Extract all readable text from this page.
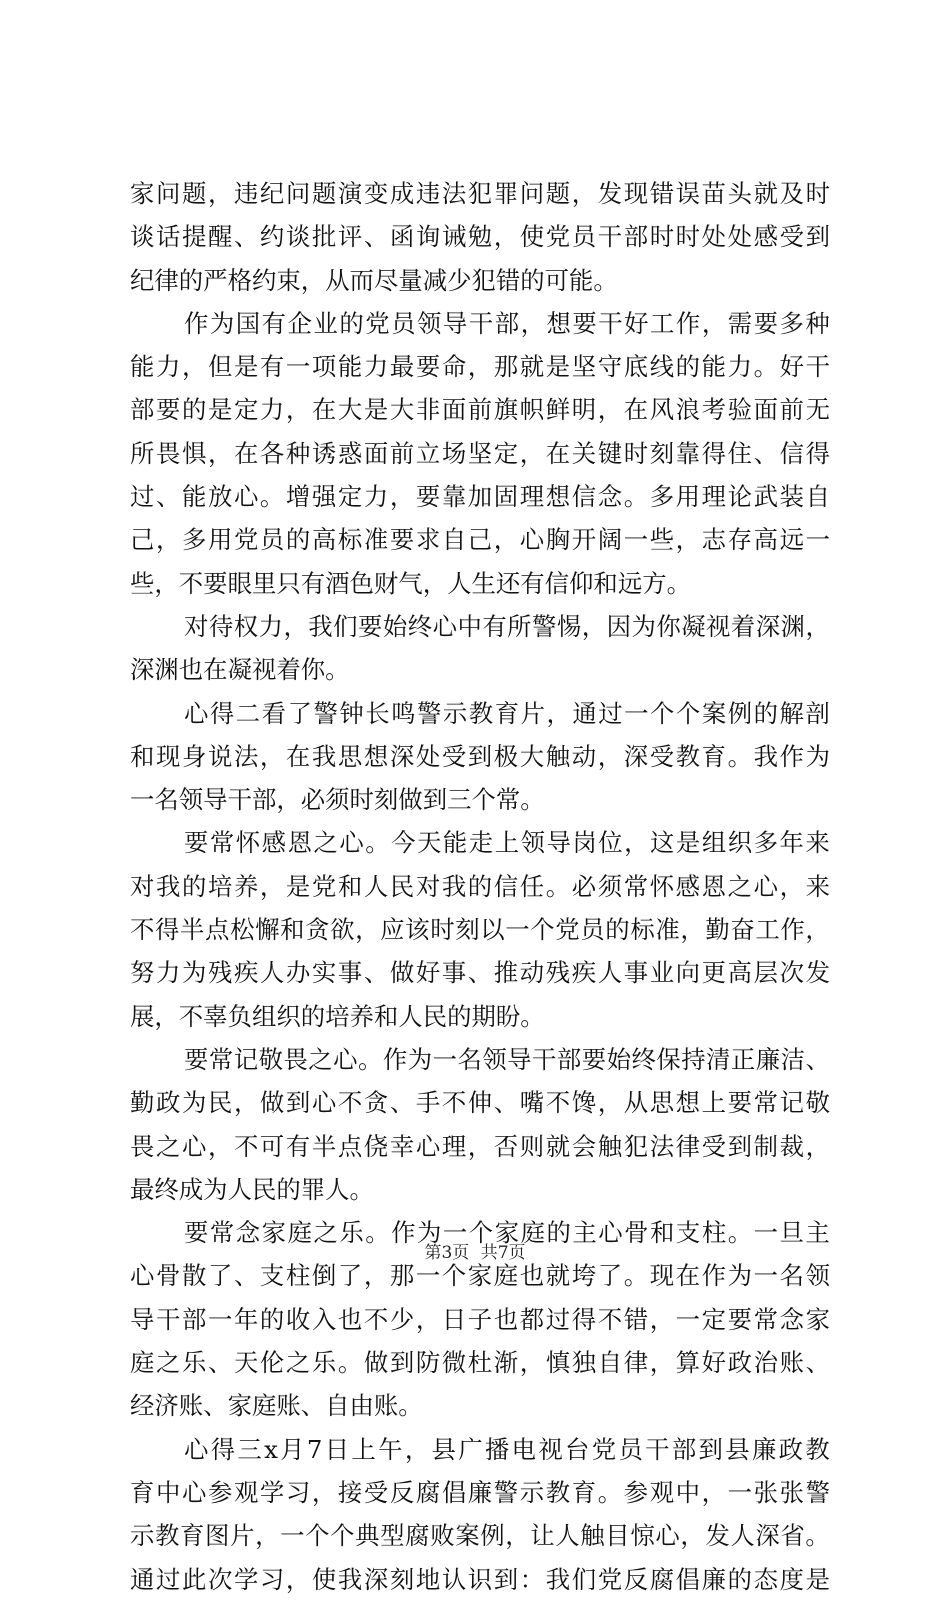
家 问 题 ， 违 纪 问 题 演 变 成 违 法 犯 罪 问 题 ， 发 现 错 误 苗 头 就 及 时
谈 话 提 醒 、 约 谈 批 评 、 函 询 诫 勉 ， 使 党 员 干 部 时 时 处 处 感 受 到
纪律的严格约束，从而尽量减少犯错的可能。
作 为 国 有 企 业 的 党 员 领 导 干 部 ， 想 要 干 好 工 作 ， 需 要 多 种
能 力 ， 但 是 有 一 项 能 力 最 要 命 ， 那 就 是 坚 守 底 线 的 能 力 。 好 干
部 要 的 是 定 力 ， 在 大 是 大 非 面 前 旗 帜 鲜 明 ， 在 风 浪 考 验 面 前 无
所 畏 惧 ， 在 各 种 诱 惑 面 前 立 场 坚 定 ， 在 关 键 时 刻 靠 得 住 、 信 得
过 、 能 放 心 。 增 强 定 力 ， 要 靠 加 固 理 想 信 念 。 多 用 理 论 武 装 自
己 ， 多 用 党 员 的 高 标 准 要 求 自 己 ， 心 胸 开 阔 一 些 ， 志 存 高 远 一
些，不要眼里只有酒色财气，人生还有信仰和远方。
对 待 权 力 ， 我 们 要 始 终 心 中 有 所 警 惕 ， 因 为 你 凝 视 着 深 渊 ，
深渊也在凝视着你。
心 得 二 看 了 警 钟 长 鸣 警 示 教 育 片 ， 通 过 一 个 个 案 例 的 解 剖
和 现 身 说 法 ， 在 我 思 想 深 处 受 到 极 大 触 动 ， 深 受 教 育 。 我 作 为
一名领导干部，必须时刻做到三个常。
要 常 怀 感 恩 之 心 。 今 天 能 走 上 领 导 岗 位 ， 这 是 组 织 多 年 来
对 我 的 培 养 ， 是 党 和 人 民 对 我 的 信 任 。 必 须 常 怀 感 恩 之 心 ， 来
不 得 半 点 松 懈 和 贪 欲 ， 应 该 时 刻 以 一 个 党 员 的 标 准 ， 勤 奋 工 作 ，
努 力 为 残 疾 人 办 实 事 、 做 好 事 、 推 动 残 疾 人 事 业 向 更 高 层 次 发
展，不辜负组织的培养和人民的期盼。
要 常 记 敬 畏 之 心 。 作 为 一 名 领 导 干 部 要 始 终 保 持 清 正 廉 洁 、
勤 政 为 民 ， 做 到 心 不 贪 、 手 不 伸 、 嘴 不 馋 ， 从 思 想 上 要 常 记 敬
畏 之 心 ， 不 可 有 半 点 侥 幸 心 理 ， 否 则 就 会 触 犯 法 律 受 到 制 裁 ，
最终成为人民的罪人。
要 常 念 家 庭 之 乐 。 作 为 一 个 家 庭 的 主 心 骨 和 支 柱 。 一 旦 主
心 骨 散 了 、 支 柱 倒 了 ， 那 一 个 家 庭 也 就 垮 了 。 现 在 作 为 一 名 领
导 干 部 一 年 的 收 入 也 不 少 ， 日 子 也 都 过 得 不 错 ， 一 定 要 常 念 家
庭 之 乐 、 天 伦 之 乐 。 做 到 防 微 杜 渐 ， 慎 独 自 律 ， 算 好 政 治 账 、
经济账、家庭账、自由账。
心 得 三 x 月 7 日 上 午 ， 县 广 播 电 视 台 党 员 干 部 到 县 廉 政 教
育 中 心 参 观 学 习 ， 接 受 反 腐 倡 廉 警 示 教 育 。 参 观 中 ， 一 张 张 警
示 教 育 图 片 ， 一 个 个 典 型 腐 败 案 例 ， 让 人 触 目 惊 心 ， 发 人 深 省 。
通 过 此 次 学 习 ， 使 我 深 刻 地 认 识 到 ： 我 们 党 反 腐 倡 廉 的 态 度 是
第3页 共7页
